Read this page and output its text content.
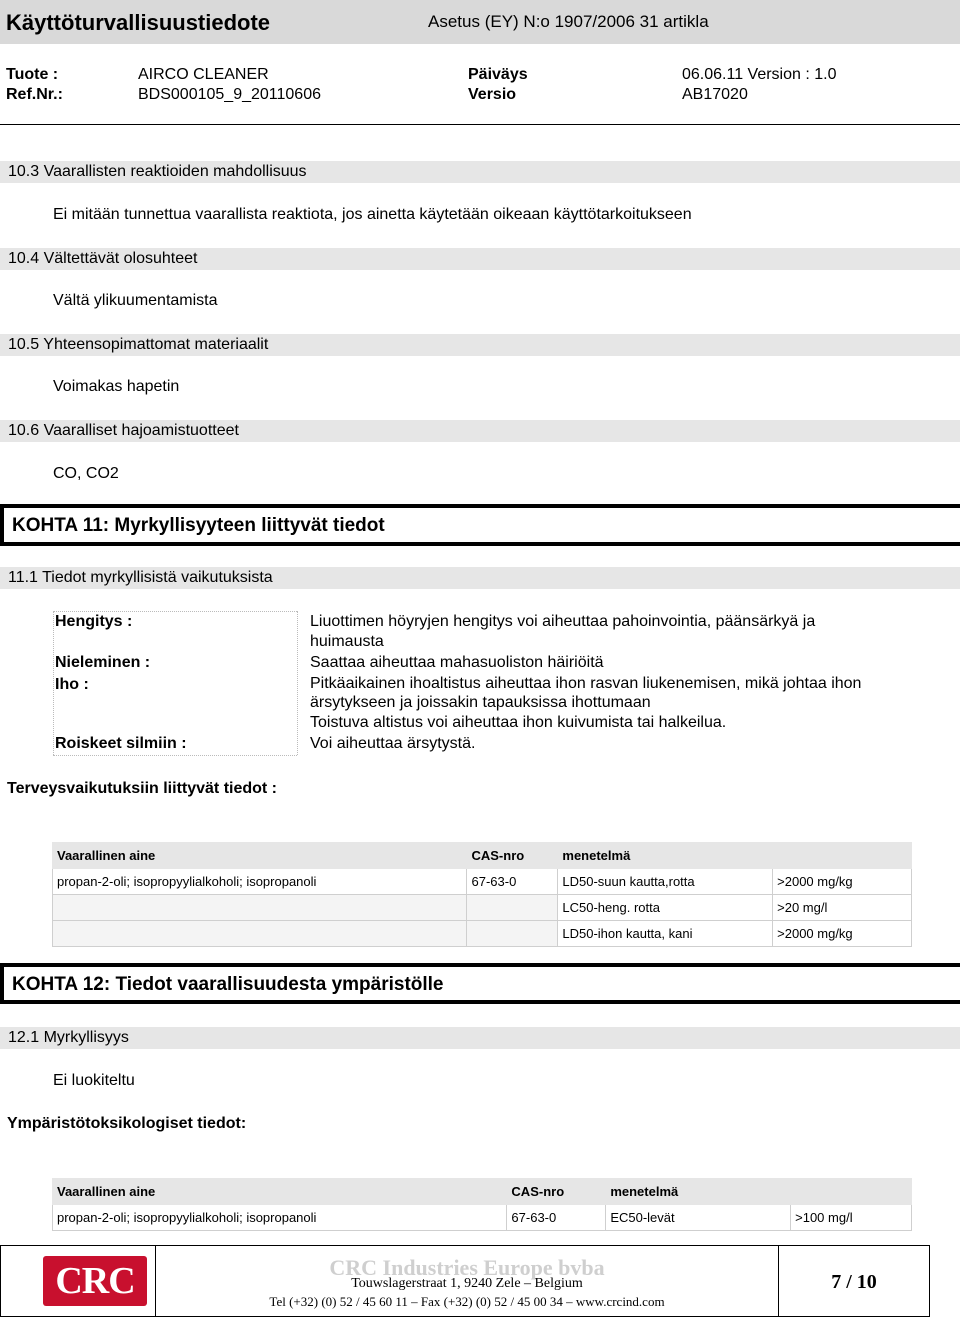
Käyttöturvallisuustiedote	Asetus (EY) N:o 1907/2006 31 artikla
Tuote :	AIRCO CLEANER	Päiväys	06.06.11 Version : 1.0
Ref.Nr.:	BDS000105_9_20110606	Versio	AB17020
10.3 Vaarallisten reaktioiden mahdollisuus
Ei mitään tunnettua vaarallista reaktiota, jos ainetta käytetään oikeaan käyttötarkoitukseen
10.4 Vältettävät olosuhteet
Vältä ylikuumentamista
10.5 Yhteensopimattomat materiaalit
Voimakas hapetin
10.6 Vaaralliset hajoamistuotteet
CO, CO2
KOHTA 11: Myrkyllisyyteen liittyvät tiedot
11.1 Tiedot myrkyllisistä vaikutuksista
Hengitys :	Liuottimen höyryjen hengitys voi aiheuttaa pahoinvointia, päänsärkyä ja
huimausta
Nieleminen :	Saattaa aiheuttaa mahasuoliston häiriöitä
Iho :	Pitkäaikainen ihoaltistus aiheuttaa ihon rasvan liukenemisen, mikä johtaa ihon
ärsytykseen ja joissakin tapauksissa ihottumaan
Toistuva altistus voi aiheuttaa ihon kuivumista tai halkeilua.
Roiskeet silmiin :	Voi aiheuttaa ärsytystä.
Terveysvaikutuksiin liittyvät tiedot :
Vaarallinen aine	CAS-nro	menetelmä	
propan-2-oli; isopropyylialkoholi; isopropanoli	67-63-0	LD50-suun kautta,rotta	>2000 mg/kg
		LC50-heng. rotta	>20 mg/l
		LD50-ihon kautta, kani	>2000 mg/kg
KOHTA 12: Tiedot vaarallisuudesta ympäristölle
12.1 Myrkyllisyys
Ei luokiteltu
Ympäristötoksikologiset tiedot:
Vaarallinen aine	CAS-nro	menetelmä	
propan-2-oli; isopropyylialkoholi; isopropanoli	67-63-0	EC50-levät	>100 mg/l
CRC	CRC Industries Europe bvba
Touwslagerstraat 1, 9240 Zele – Belgium
Tel (+32) (0) 52 / 45 60 11 – Fax (+32) (0) 52 / 45 00 34 – www.crcind.com
7 / 10
